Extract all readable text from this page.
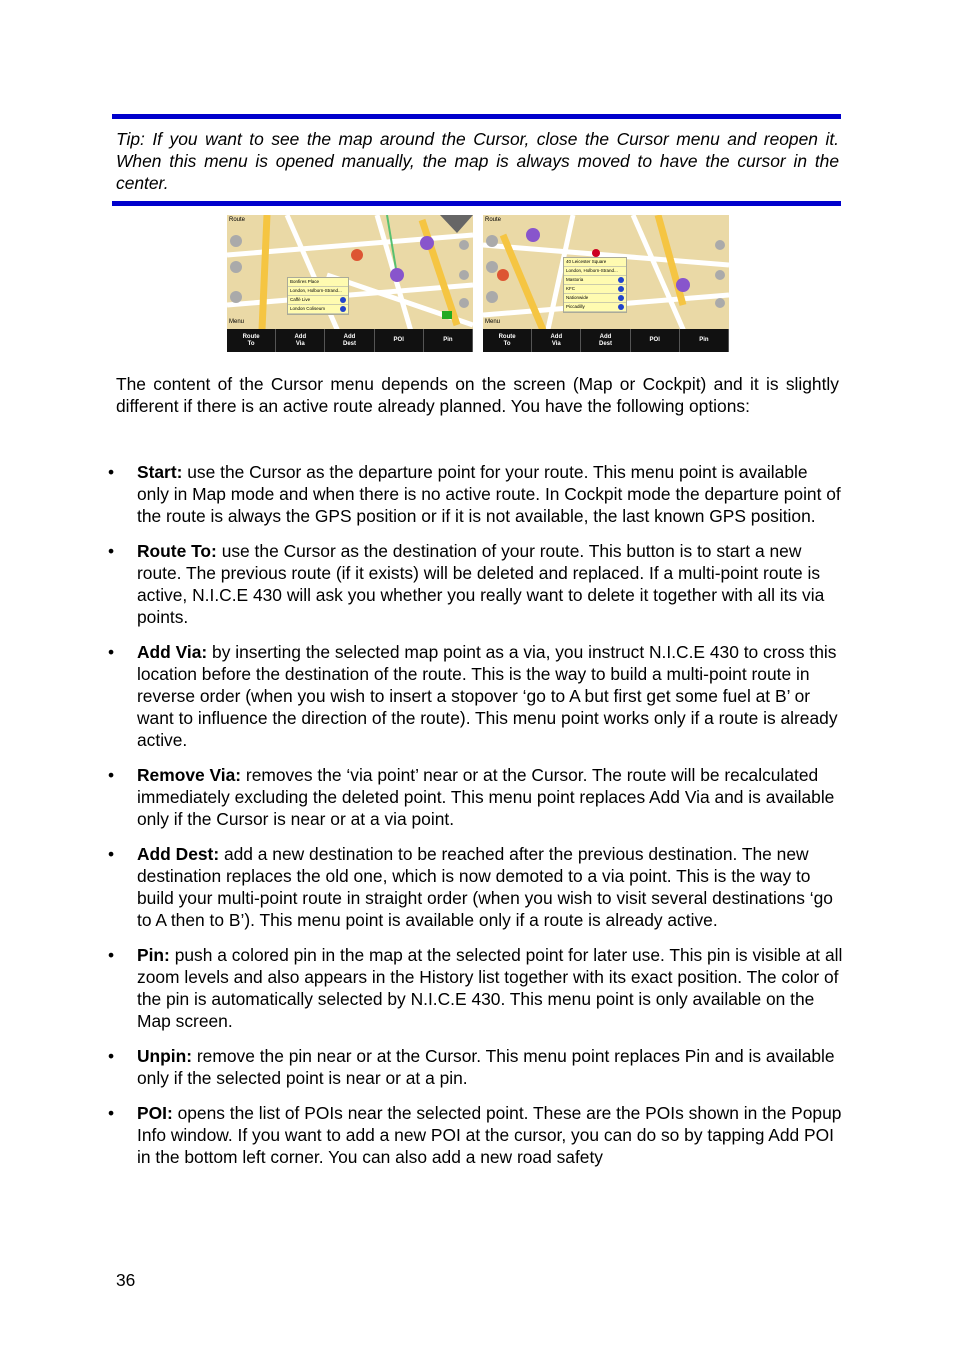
Tip: If you want to see the map around the Cursor, close the Cursor menu and reopen it. When this menu is opened manually, the map is always moved to have the cursor in the center.
Route
Menu
Bonfires Place
London, Holborn-Strand...
Caffè Live
London Coliseum
Route
To
Add
Via
Add
Dest
POI	Pin
Route
Menu
40 Leicester Square
London, Holborn-Strand...
Mastoria
KFC
Nationwide
Piccadilly
Route
To
Add
Via
Add
Dest
POI	Pin
The content of the Cursor menu depends on the screen (Map or Cockpit) and it is slightly different if there is an active route already planned. You have the following options:
• Start: use the Cursor as the departure point for your route. This menu point is available only in Map mode and when there is no active route. In Cockpit mode the departure point of the route is always the GPS position or if it is not available, the last known GPS position.
• Route To: use the Cursor as the destination of your route. This button is to start a new route. The previous route (if it exists) will be deleted and replaced. If a multi-point route is active, N.I.C.E 430 will ask you whether you really want to delete it together with all its via points.
• Add Via: by inserting the selected map point as a via, you instruct N.I.C.E 430 to cross this location before the destination of the route. This is the way to build a multi-point route in reverse order (when you wish to insert a stopover ‘go to A but first get some fuel at B’ or want to influence the direction of the route). This menu point works only if a route is already active.
• Remove Via: removes the ‘via point’ near or at the Cursor. The route will be recalculated immediately excluding the deleted point. This menu point replaces Add Via and is available only if the Cursor is near or at a via point.
• Add Dest: add a new destination to be reached after the previous destination. The new destination replaces the old one, which is now demoted to a via point. This is the way to build your multi-point route in straight order (when you wish to visit several destinations ‘go to A then to B’). This menu point is available only if a route is already active.
• Pin: push a colored pin in the map at the selected point for later use. This pin is visible at all zoom levels and also appears in the History list together with its exact position. The color of the pin is automatically selected by N.I.C.E 430. This menu point is only available on the Map screen.
• Unpin: remove the pin near or at the Cursor. This menu point replaces Pin and is available only if the selected point is near or at a pin.
• POI: opens the list of POIs near the selected point. These are the POIs shown in the Popup Info window. If you want to add a new POI at the cursor, you can do so by tapping Add POI in the bottom left corner. You can also add a new road safety
36
